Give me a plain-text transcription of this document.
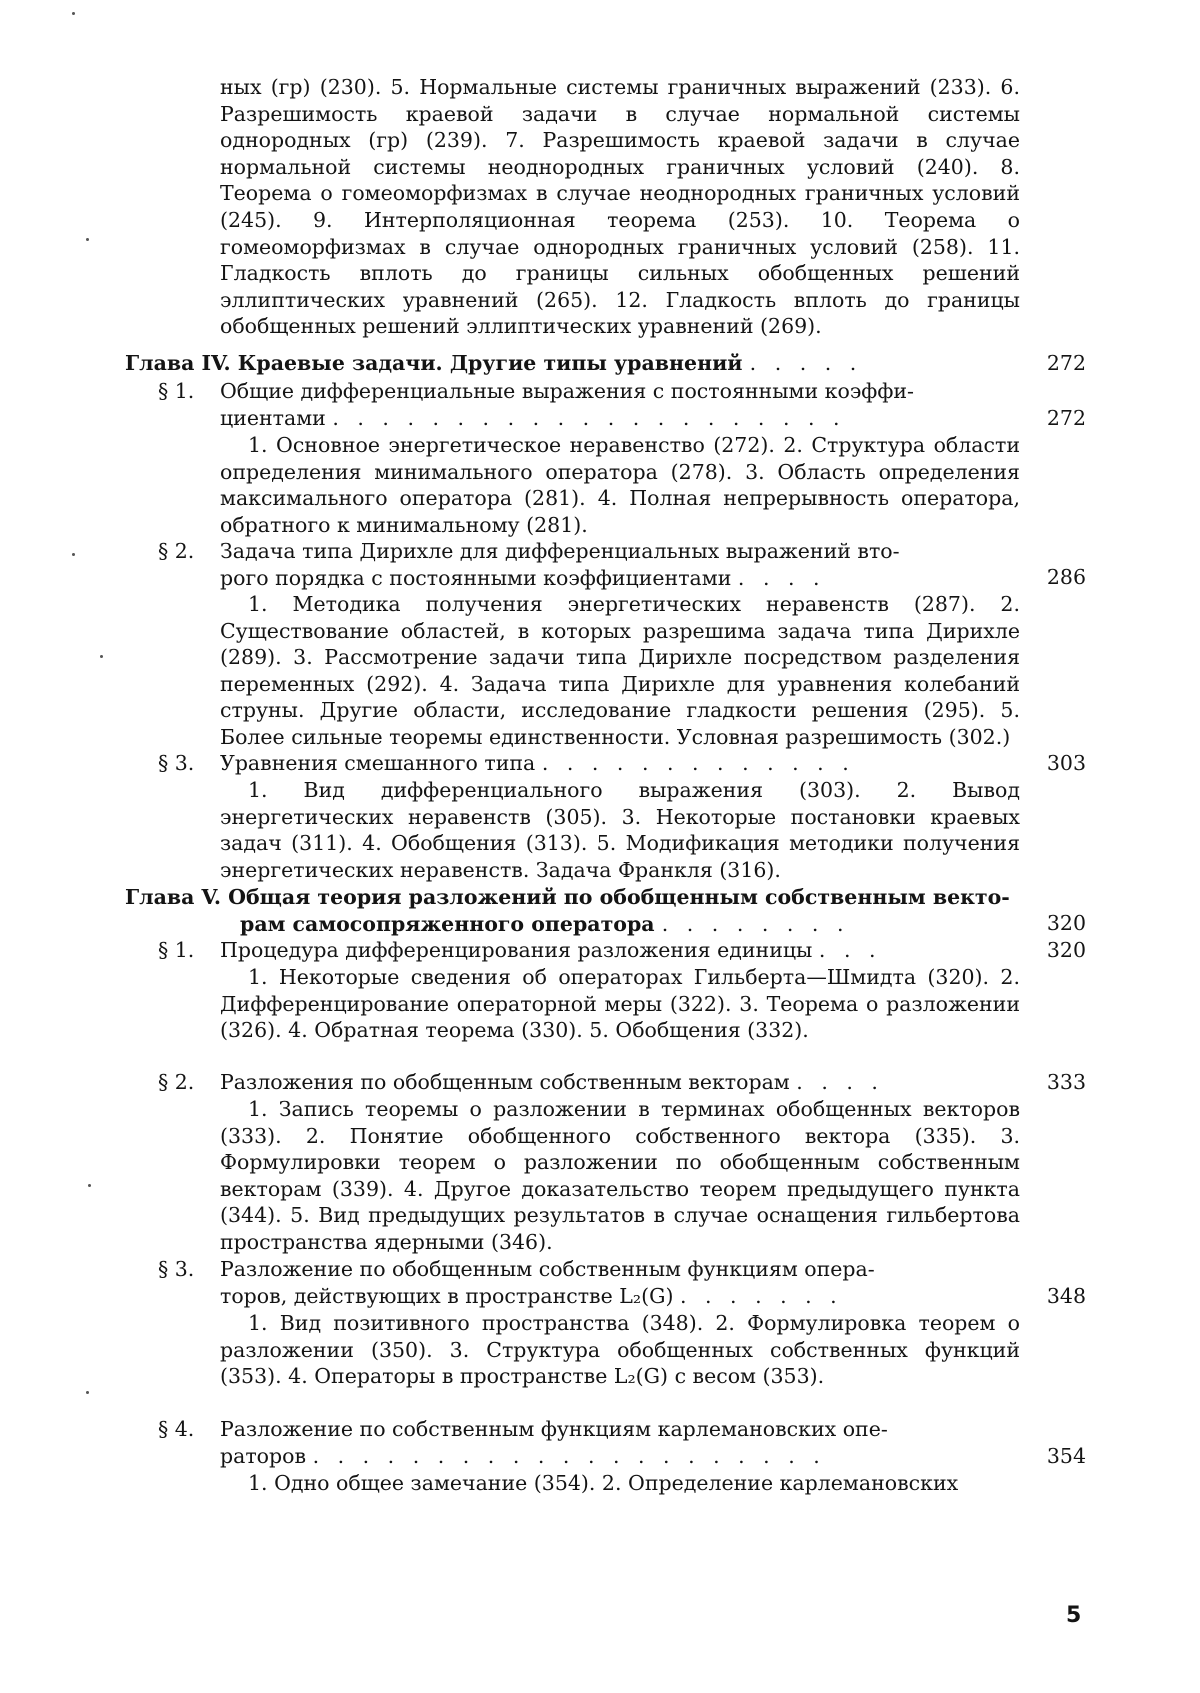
ных (гр) (230). 5. Нормальные системы граничных выражений (233). 6. Разрешимость краевой задачи в случае нормальной системы однородных (гр) (239). 7. Разрешимость краевой задачи в случае нормальной системы неоднородных граничных условий (240). 8. Теорема о гомеоморфизмах в случае неоднородных граничных условий (245). 9. Интерполяционная теорема (253). 10. Теорема о гомеоморфизмах в случае однородных граничных условий (258). 11. Гладкость вплоть до границы сильных обобщенных решений эллиптических уравнений (265). 12. Гладкость вплоть до границы обобщенных решений эллиптических уравнений (269).

Глава IV. Краевые задачи. Другие типы уравнений . . . . .	272
§ 1. Общие дифференциальные выражения с постоянными коэффи-
циентами . . . . . . . . . . . . . . . . . . . . .	272

1. Основное энергетическое неравенство (272). 2. Структура области определения минимального оператора (278). 3. Область определения максимального оператора (281). 4. Полная непрерывность оператора, обратного к минимальному (281).

§ 2. Задача типа Дирихле для дифференциальных выражений вто-
рого порядка с постоянными коэффициентами . . . .	286

1. Методика получения энергетических неравенств (287). 2. Существование областей, в которых разрешима задача типа Дирихле (289). 3. Рассмотрение задачи типа Дирихле посредством разделения переменных (292). 4. Задача типа Дирихле для уравнения колебаний струны. Другие области, исследование гладкости решения (295). 5. Более сильные теоремы единственности. Условная разрешимость (302.)

§ 3. Уравнения смешанного типа . . . . . . . . . . . . .	303

1. Вид дифференциального выражения (303). 2. Вывод энергетических неравенств (305). 3. Некоторые постановки краевых задач (311). 4. Обобщения (313). 5. Модификация методики получения энергетических неравенств. Задача Франкля (316).

Глава V. Общая теория разложений по обобщенным собственным векто-
рам самосопряженного оператора . . . . . . . .	320
§ 1. Процедура дифференцирования разложения единицы . . .	320

1. Некоторые сведения об операторах Гильберта—Шмидта (320). 2. Дифференцирование операторной меры (322). 3. Теорема о разложении (326). 4. Обратная теорема (330). 5. Обобщения (332).

§ 2. Разложения по обобщенным собственным векторам . . . .	333

1. Запись теоремы о разложении в терминах обобщенных векторов (333). 2. Понятие обобщенного собственного вектора (335). 3. Формулировки теорем о разложении по обобщенным собственным векторам (339). 4. Другое доказательство теорем предыдущего пункта (344). 5. Вид предыдущих результатов в случае оснащения гильбертова пространства ядерными (346).

§ 3. Разложение по обобщенным собственным функциям опера-
торов, действующих в пространстве L₂(G) . . . . . . .	348

1. Вид позитивного пространства (348). 2. Формулировка теорем о разложении (350). 3. Структура обобщенных собственных функций (353). 4. Операторы в пространстве L₂(G) с весом (353).

§ 4. Разложение по собственным функциям карлемановских опе-
раторов . . . . . . . . . . . . . . . . . . . . .	354

1. Одно общее замечание (354). 2. Определение карлемановских

5
